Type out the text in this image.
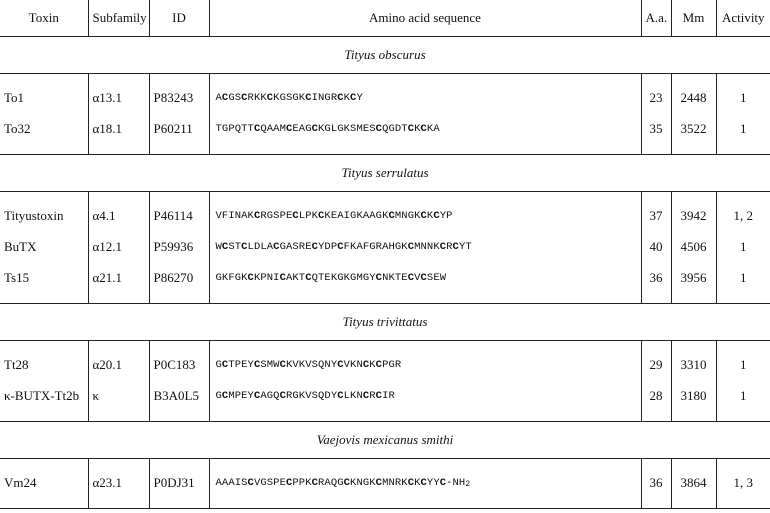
Toxin	Subfamily	ID	Amino acid sequence	A.a.	Mm	Activity
Tityus obscurus						
To1	α13.1	P83243	ACGSCRKKCKGSGKCINGRCKCY	23	2448	1
To32	α18.1	P60211	TGPQTTCQAAMCEAGCKGLGKSMESCQGDTCKCKA	35	3522	1
Tityus serrulatus						
Tityustoxin	α4.1	P46114	VFINAKCRGSPECLPKCKEAIGKAAGKCMNGKCKCYP	37	3942	1, 2
BuTX	α12.1	P59936	WCSTCLDLACGASRECYDPCFKAFGRAHGKCMNNKCRCYT	40	4506	1
Ts15	α21.1	P86270	GKFGKCKPNICAKTCQTEKGKGMGYCNKTECVCSEW	36	3956	1
Tityus trivittatus						
Tt28	α20.1	P0C183	GCTPEYCSMWCKVKVSQNYCVKNCKCPGR	29	3310	1
κ-BUTX-Tt2b	κ	B3A0L5	GCMPEYCAGQCRGKVSQDYCLKNCRCIR	28	3180	1
Vaejovis mexicanus smithi						
Vm24	α23.1	P0DJ31	AAAISCVGSPECPPKCRAQGCKNGKCMNRKCKCYYC-NH2	36	3864	1, 3
